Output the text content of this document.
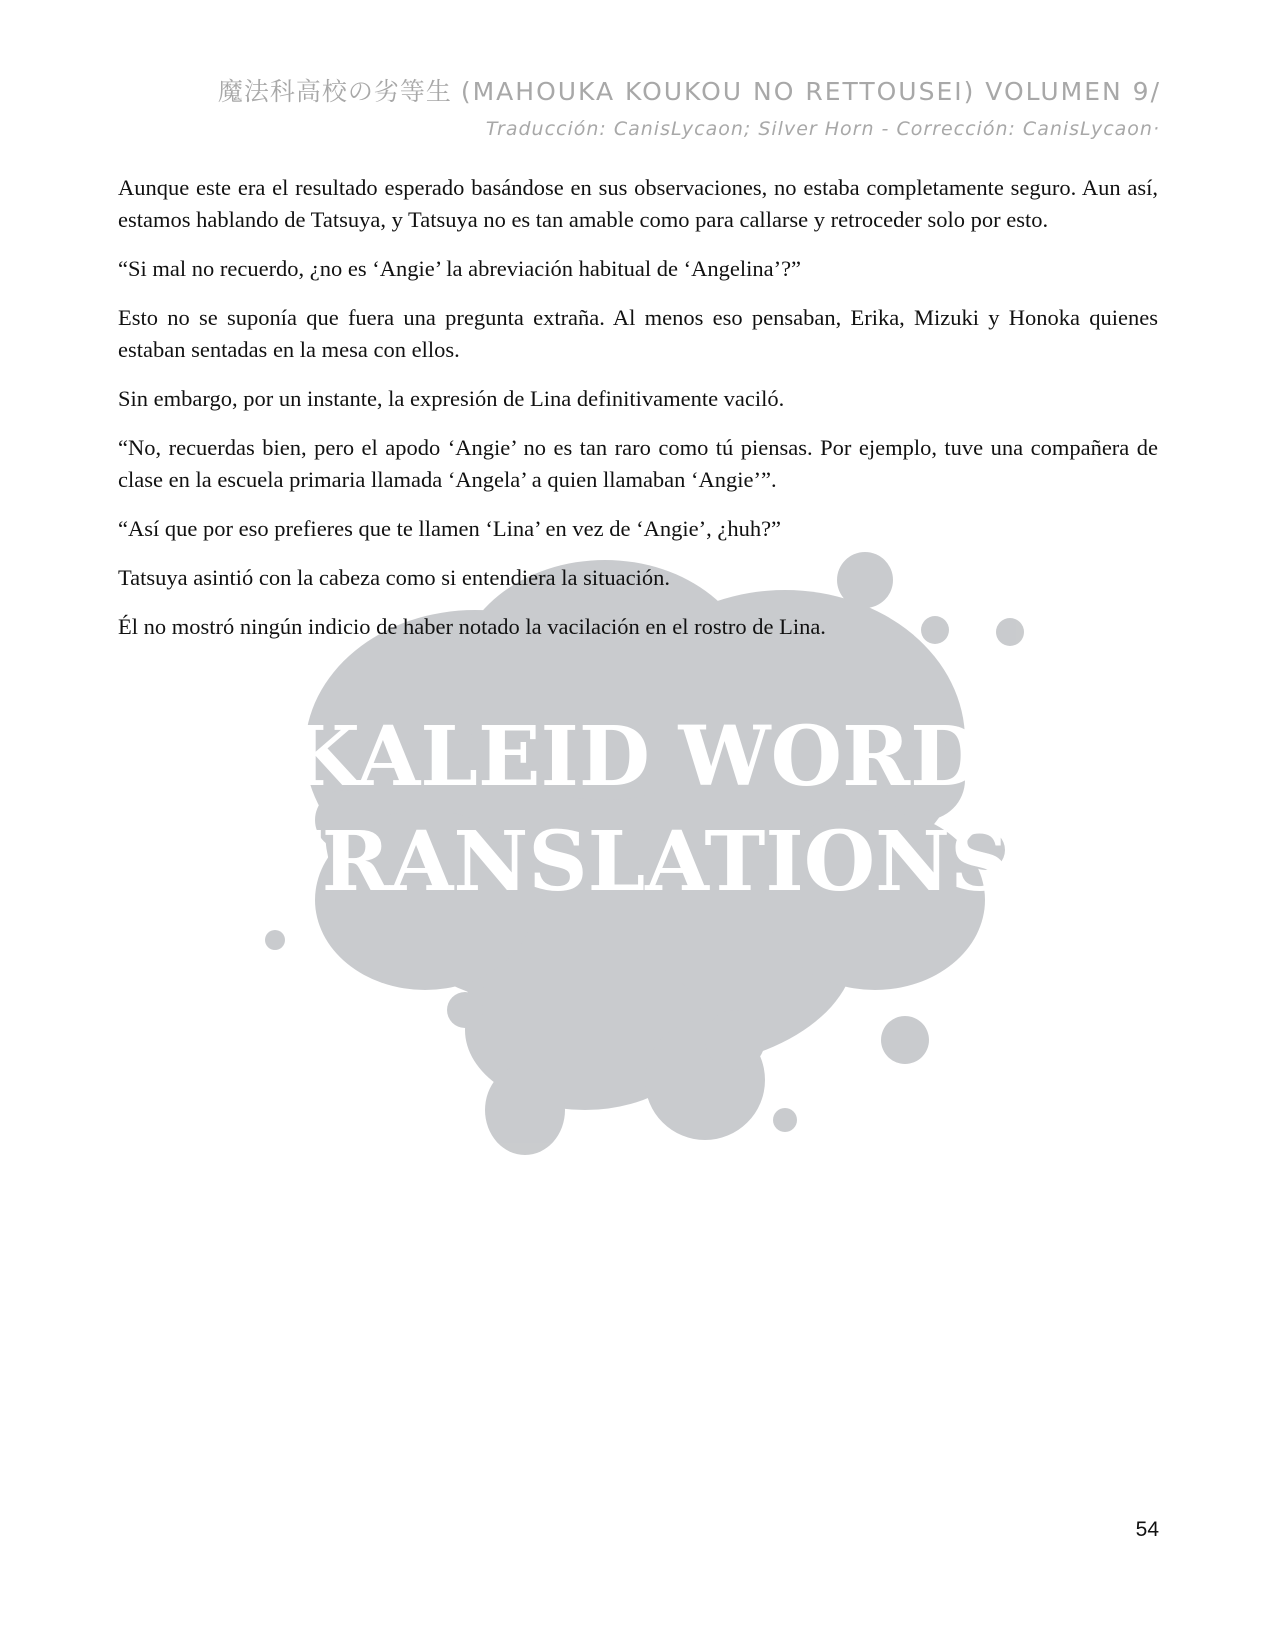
魔法科高校の劣等生 (MAHOUKA KOUKOU NO RETTOUSEI) VOLUMEN 9/
Traducción: CanisLycaon; Silver Horn - Corrección: CanisLycaon·
KALEID WORD
TRANSLATIONS

Aunque este era el resultado esperado basándose en sus observaciones, no estaba completamente seguro. Aun así, estamos hablando de Tatsuya, y Tatsuya no es tan amable como para callarse y retroceder solo por esto.

“Si mal no recuerdo, ¿no es ‘Angie’ la abreviación habitual de ‘Angelina’?”

Esto no se suponía que fuera una pregunta extraña. Al menos eso pensaban, Erika, Mizuki y Honoka quienes estaban sentadas en la mesa con ellos.

Sin embargo, por un instante, la expresión de Lina definitivamente vaciló.

“No, recuerdas bien, pero el apodo ‘Angie’ no es tan raro como tú piensas. Por ejemplo, tuve una compañera de clase en la escuela primaria llamada ‘Angela’ a quien llamaban ‘Angie’”.

“Así que por eso prefieres que te llamen ‘Lina’ en vez de ‘Angie’, ¿huh?”

Tatsuya asintió con la cabeza como si entendiera la situación.

Él no mostró ningún indicio de haber notado la vacilación en el rostro de Lina.

54
